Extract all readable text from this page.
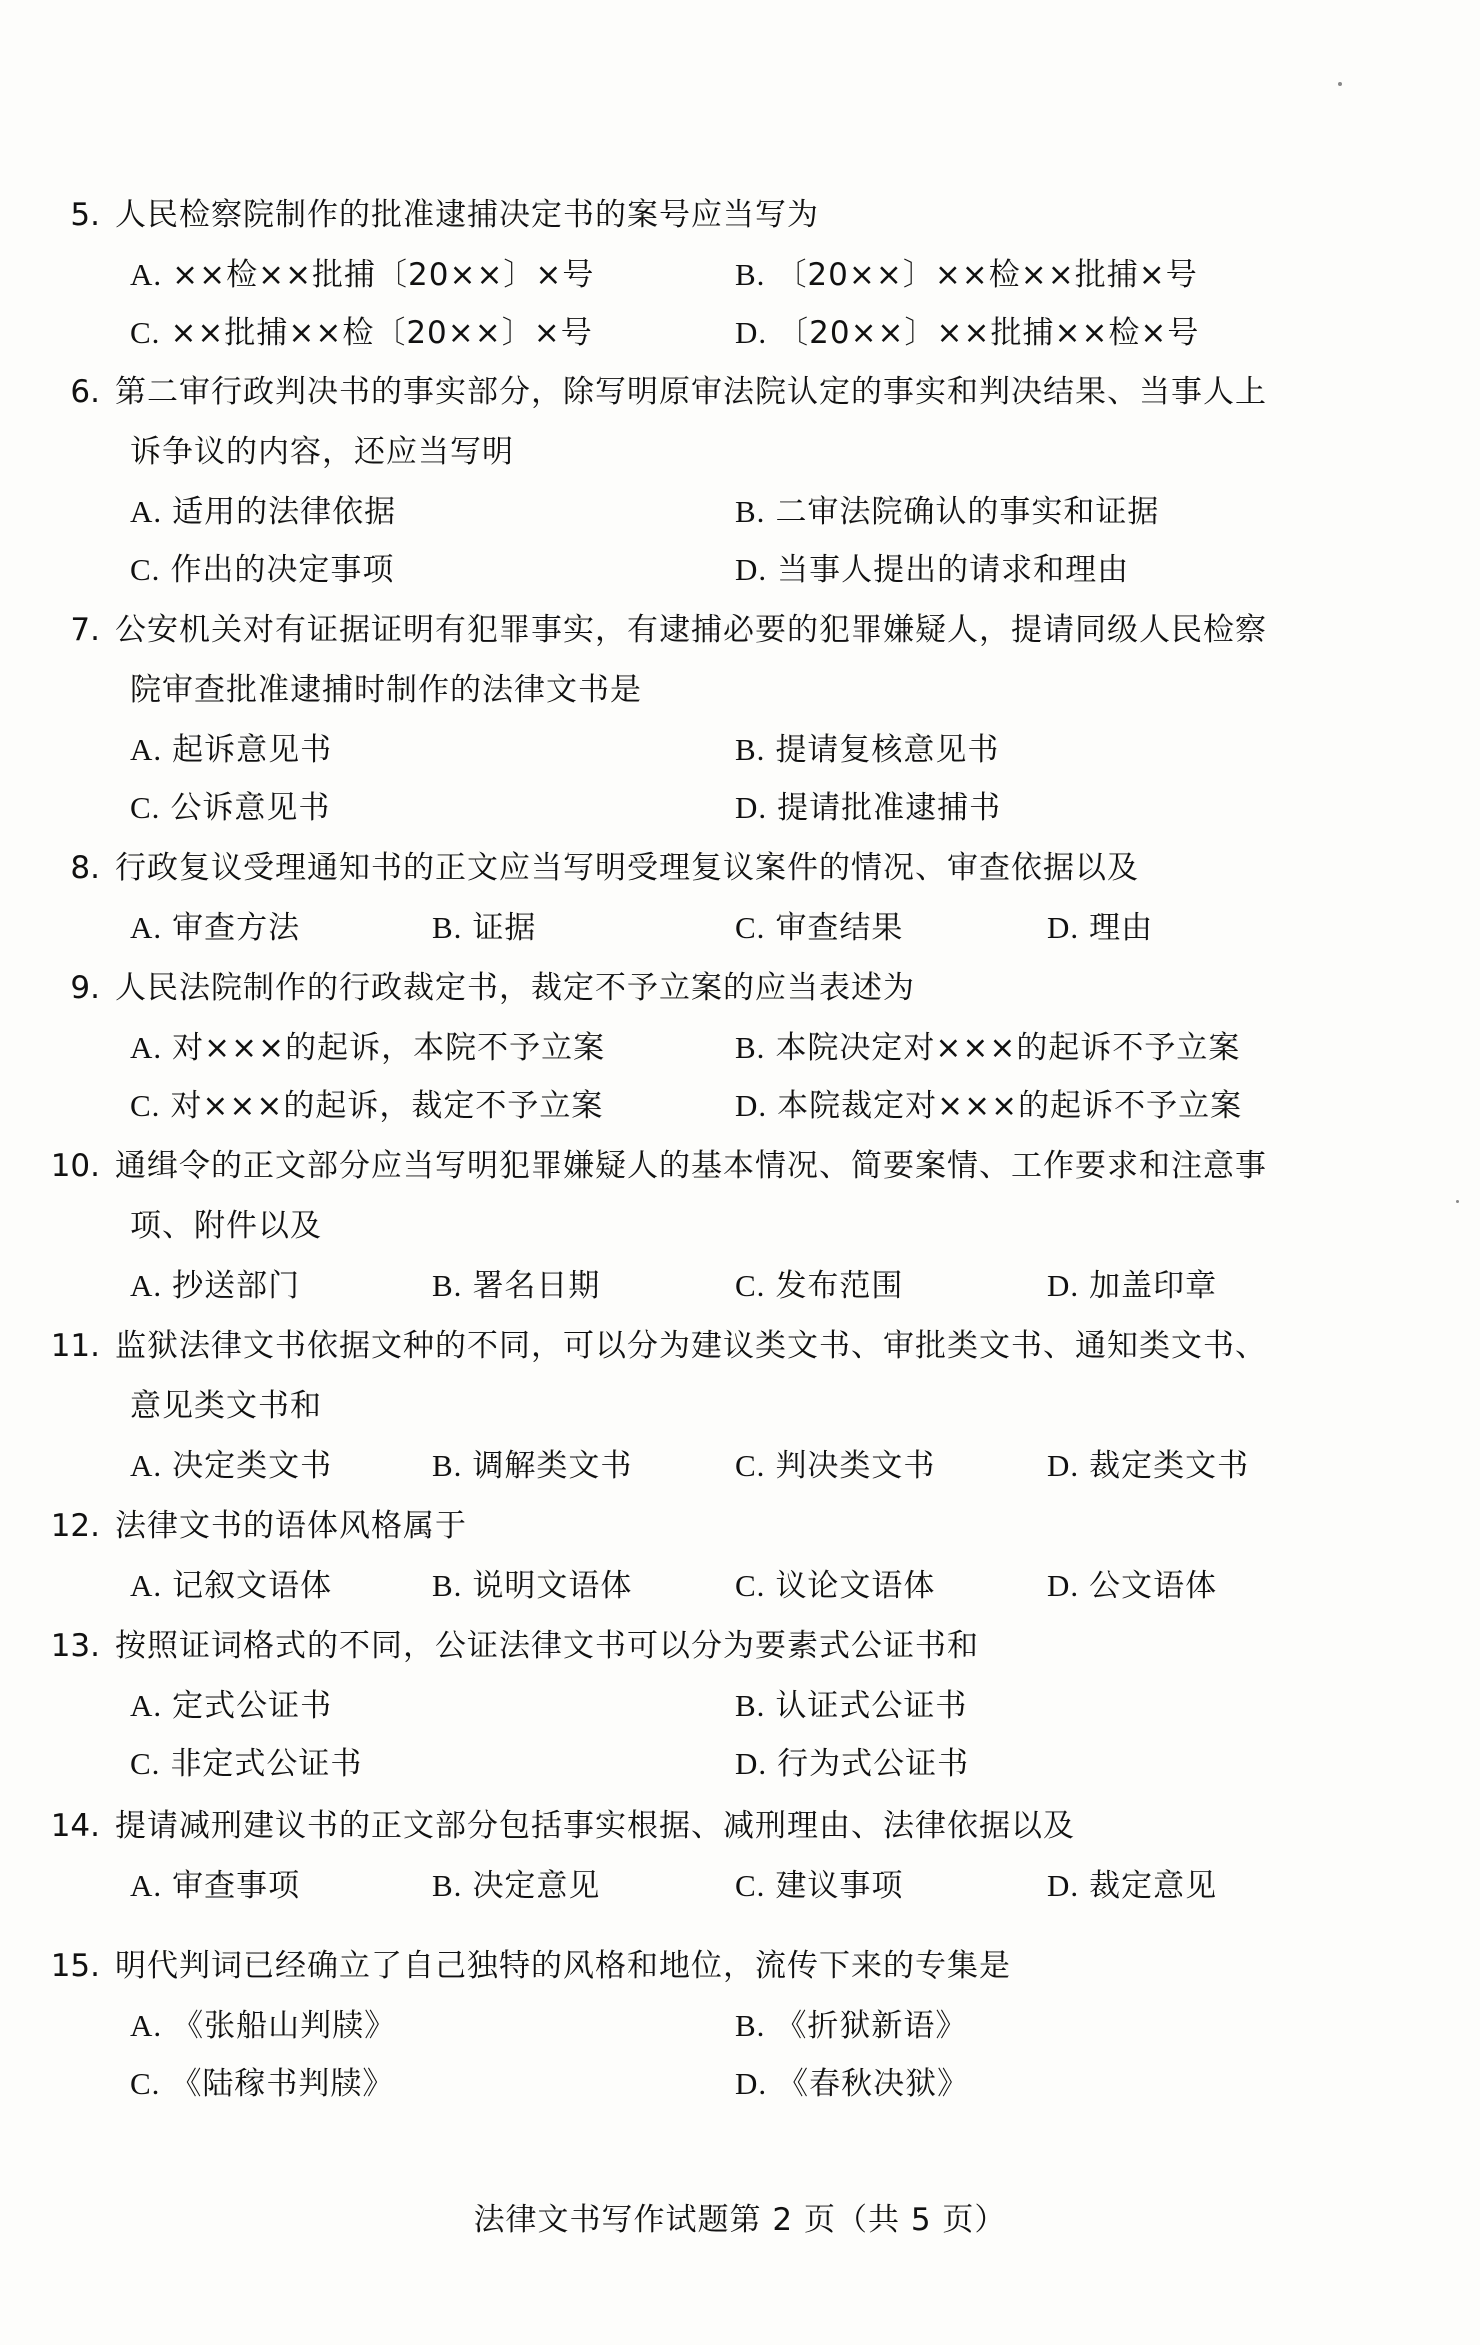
5. 人民检察院制作的批准逮捕决定书的案号应当写为
A. ××检××批捕〔20××〕×号	B. 〔20××〕××检××批捕×号
C. ××批捕××检〔20××〕×号	D. 〔20××〕××批捕××检×号
6. 第二审行政判决书的事实部分，除写明原审法院认定的事实和判决结果、当事人上
诉争议的内容，还应当写明
A. 适用的法律依据	B. 二审法院确认的事实和证据
C. 作出的决定事项	D. 当事人提出的请求和理由
7. 公安机关对有证据证明有犯罪事实，有逮捕必要的犯罪嫌疑人，提请同级人民检察
院审查批准逮捕时制作的法律文书是
A. 起诉意见书	B. 提请复核意见书
C. 公诉意见书	D. 提请批准逮捕书
8. 行政复议受理通知书的正文应当写明受理复议案件的情况、审查依据以及
A. 审查方法	B. 证据	C. 审查结果	D. 理由
9. 人民法院制作的行政裁定书，裁定不予立案的应当表述为
A. 对×××的起诉，本院不予立案	B. 本院决定对×××的起诉不予立案
C. 对×××的起诉，裁定不予立案	D. 本院裁定对×××的起诉不予立案
10. 通缉令的正文部分应当写明犯罪嫌疑人的基本情况、简要案情、工作要求和注意事
项、附件以及
A. 抄送部门	B. 署名日期	C. 发布范围	D. 加盖印章
11. 监狱法律文书依据文种的不同，可以分为建议类文书、审批类文书、通知类文书、
意见类文书和
A. 决定类文书	B. 调解类文书	C. 判决类文书	D. 裁定类文书
12. 法律文书的语体风格属于
A. 记叙文语体	B. 说明文语体	C. 议论文语体	D. 公文语体
13. 按照证词格式的不同，公证法律文书可以分为要素式公证书和
A. 定式公证书	B. 认证式公证书
C. 非定式公证书	D. 行为式公证书
14. 提请减刑建议书的正文部分包括事实根据、减刑理由、法律依据以及
A. 审查事项	B. 决定意见	C. 建议事项	D. 裁定意见
15. 明代判词已经确立了自己独特的风格和地位，流传下来的专集是
A. 《张船山判牍》	B. 《折狱新语》
C. 《陆稼书判牍》	D. 《春秋决狱》
法律文书写作试题第 2 页（共 5 页）
